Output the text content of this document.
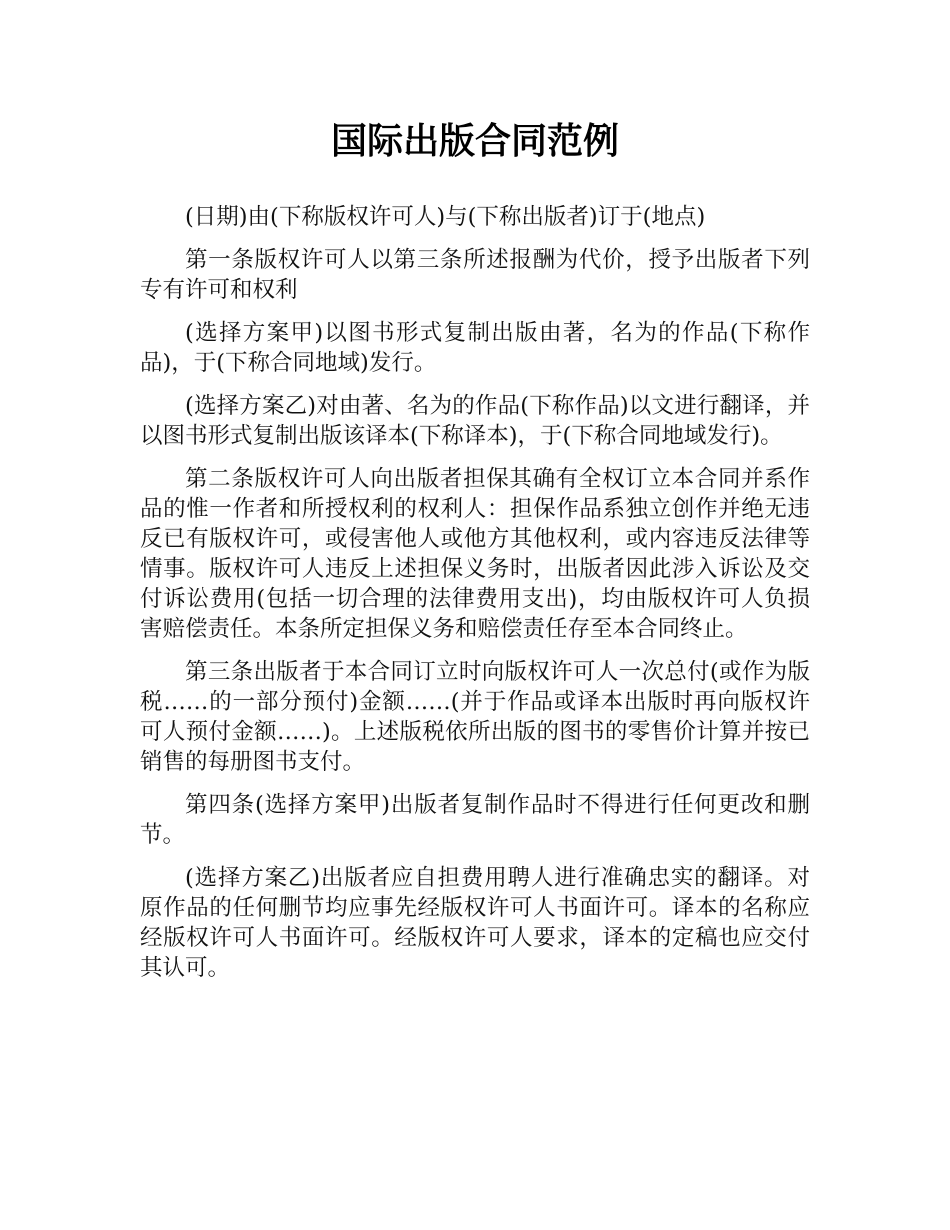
国际出版合同范例

(日期)由(下称版权许可人)与(下称出版者)订于(地点)

第一条版权许可人以第三条所述报酬为代价，授予出版者下列专有许可和权利

(选择方案甲)以图书形式复制出版由著，名为的作品(下称作品)，于(下称合同地域)发行。

(选择方案乙)对由著、名为的作品(下称作品)以文进行翻译，并以图书形式复制出版该译本(下称译本)，于(下称合同地域发行)。

第二条版权许可人向出版者担保其确有全权订立本合同并系作品的惟一作者和所授权利的权利人：担保作品系独立创作并绝无违反已有版权许可，或侵害他人或他方其他权利，或内容违反法律等情事。版权许可人违反上述担保义务时，出版者因此涉入诉讼及交付诉讼费用(包括一切合理的法律费用支出)，均由版权许可人负损害赔偿责任。本条所定担保义务和赔偿责任存至本合同终止。

第三条出版者于本合同订立时向版权许可人一次总付(或作为版税……的一部分预付)金额……(并于作品或译本出版时再向版权许可人预付金额……)。上述版税依所出版的图书的零售价计算并按已销售的每册图书支付。

第四条(选择方案甲)出版者复制作品时不得进行任何更改和删节。

(选择方案乙)出版者应自担费用聘人进行准确忠实的翻译。对原作品的任何删节均应事先经版权许可人书面许可。译本的名称应经版权许可人书面许可。经版权许可人要求，译本的定稿也应交付其认可。
